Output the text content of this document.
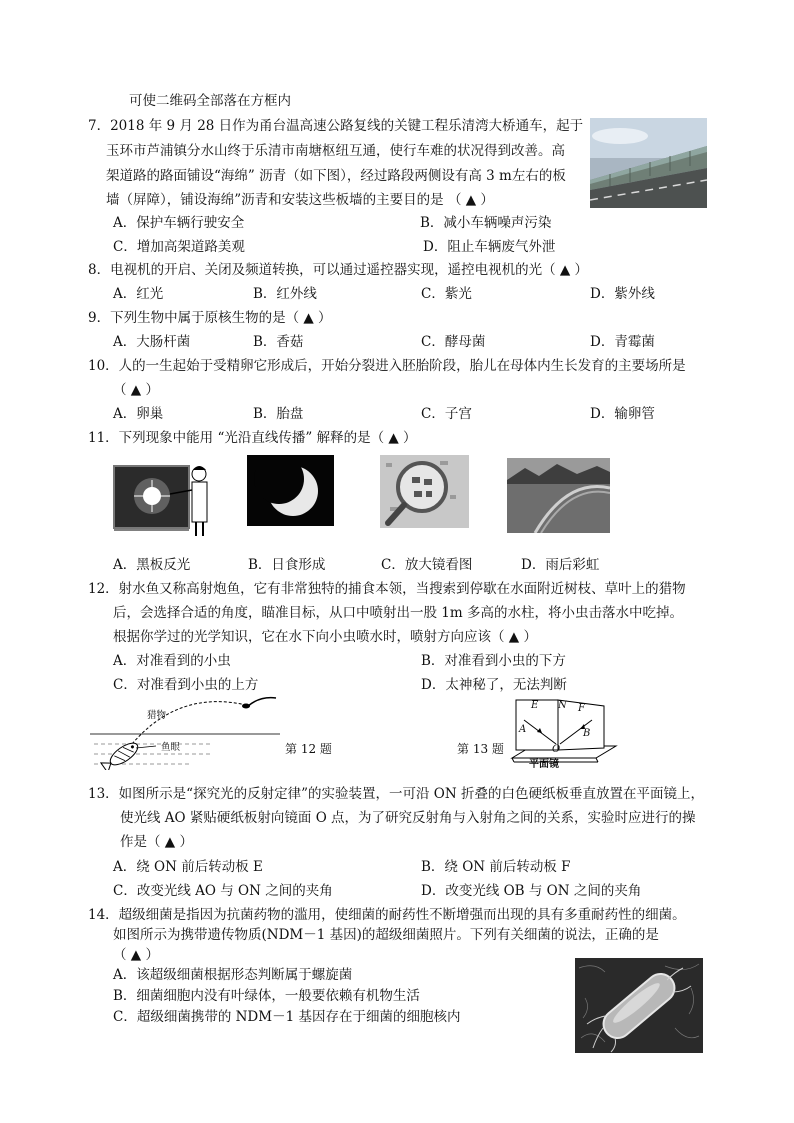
可使二维码全部落在方框内
7．2018 年 9 月 28 日作为甬台温高速公路复线的关键工程乐清湾大桥通车，起于
玉环市芦浦镇分水山终于乐清市南塘枢纽互通，使行车难的状况得到改善。高
架道路的路面铺设“海绵” 沥青（如下图），经过路段两侧设有高 3 m左右的板
墙（屏障），铺设海绵”沥青和安装这些板墙的主要目的是 （ ▲ ）
A．保护车辆行驶安全	B．减小车辆噪声污染
C．增加高架道路美观	D．阻止车辆废气外泄
8．电视机的开启、关闭及频道转换，可以通过遥控器实现，遥控电视机的光（ ▲ ）
A．红光	B．红外线	C．紫光	D．紫外线
9．下列生物中属于原核生物的是（ ▲ ）
A．大肠杆菌	B．香菇	C．酵母菌	D．青霉菌
10．人的一生起始于受精卵它形成后，开始分裂进入胚胎阶段，胎儿在母体内生长发育的主要场所是
（ ▲ ）
A．卵巢	B．胎盘	C．子宫	D．输卵管
11．下列现象中能用 “光沿直线传播” 解释的是（ ▲ ）
A．黑板反光	B．日食形成	C．放大镜看图	D．雨后彩虹
12．射水鱼又称高射炮鱼，它有非常独特的捕食本领，当搜索到停歇在水面附近树枝、草叶上的猎物
后，会选择合适的角度，瞄准目标，从口中喷射出一股 1m 多高的水柱，将小虫击落水中吃掉。
根据你学过的光学知识，它在水下向小虫喷水时，喷射方向应该（ ▲ ）
A．对准看到的小虫	B．对准看到小虫的下方
C．对准看到小虫的上方	D．太神秘了，无法判断
猎物
鱼眼	第 12 题	第 13 题
E N F
A	B
O
平面镜
13．如图所示是“探究光的反射定律”的实验装置，一可沿 ON 折叠的白色硬纸板垂直放置在平面镜上，
使光线 AO 紧贴硬纸板射向镜面 O 点，为了研究反射角与入射角之间的关系，实验时应进行的操
作是（ ▲ ）
A．绕 ON 前后转动板 E	B．绕 ON 前后转动板 F
C．改变光线 AO 与 ON 之间的夹角	D．改变光线 OB 与 ON 之间的夹角
14．超级细菌是指因为抗菌药物的滥用，使细菌的耐药性不断增强而出现的具有多重耐药性的细菌。
如图所示为携带遗传物质(NDM－1 基因)的超级细菌照片。下列有关细菌的说法，正确的是
（ ▲ ）
A．该超级细菌根据形态判断属于螺旋菌
B．细菌细胞内没有叶绿体，一般要依赖有机物生活
C．超级细菌携带的 NDM－1 基因存在于细菌的细胞核内
